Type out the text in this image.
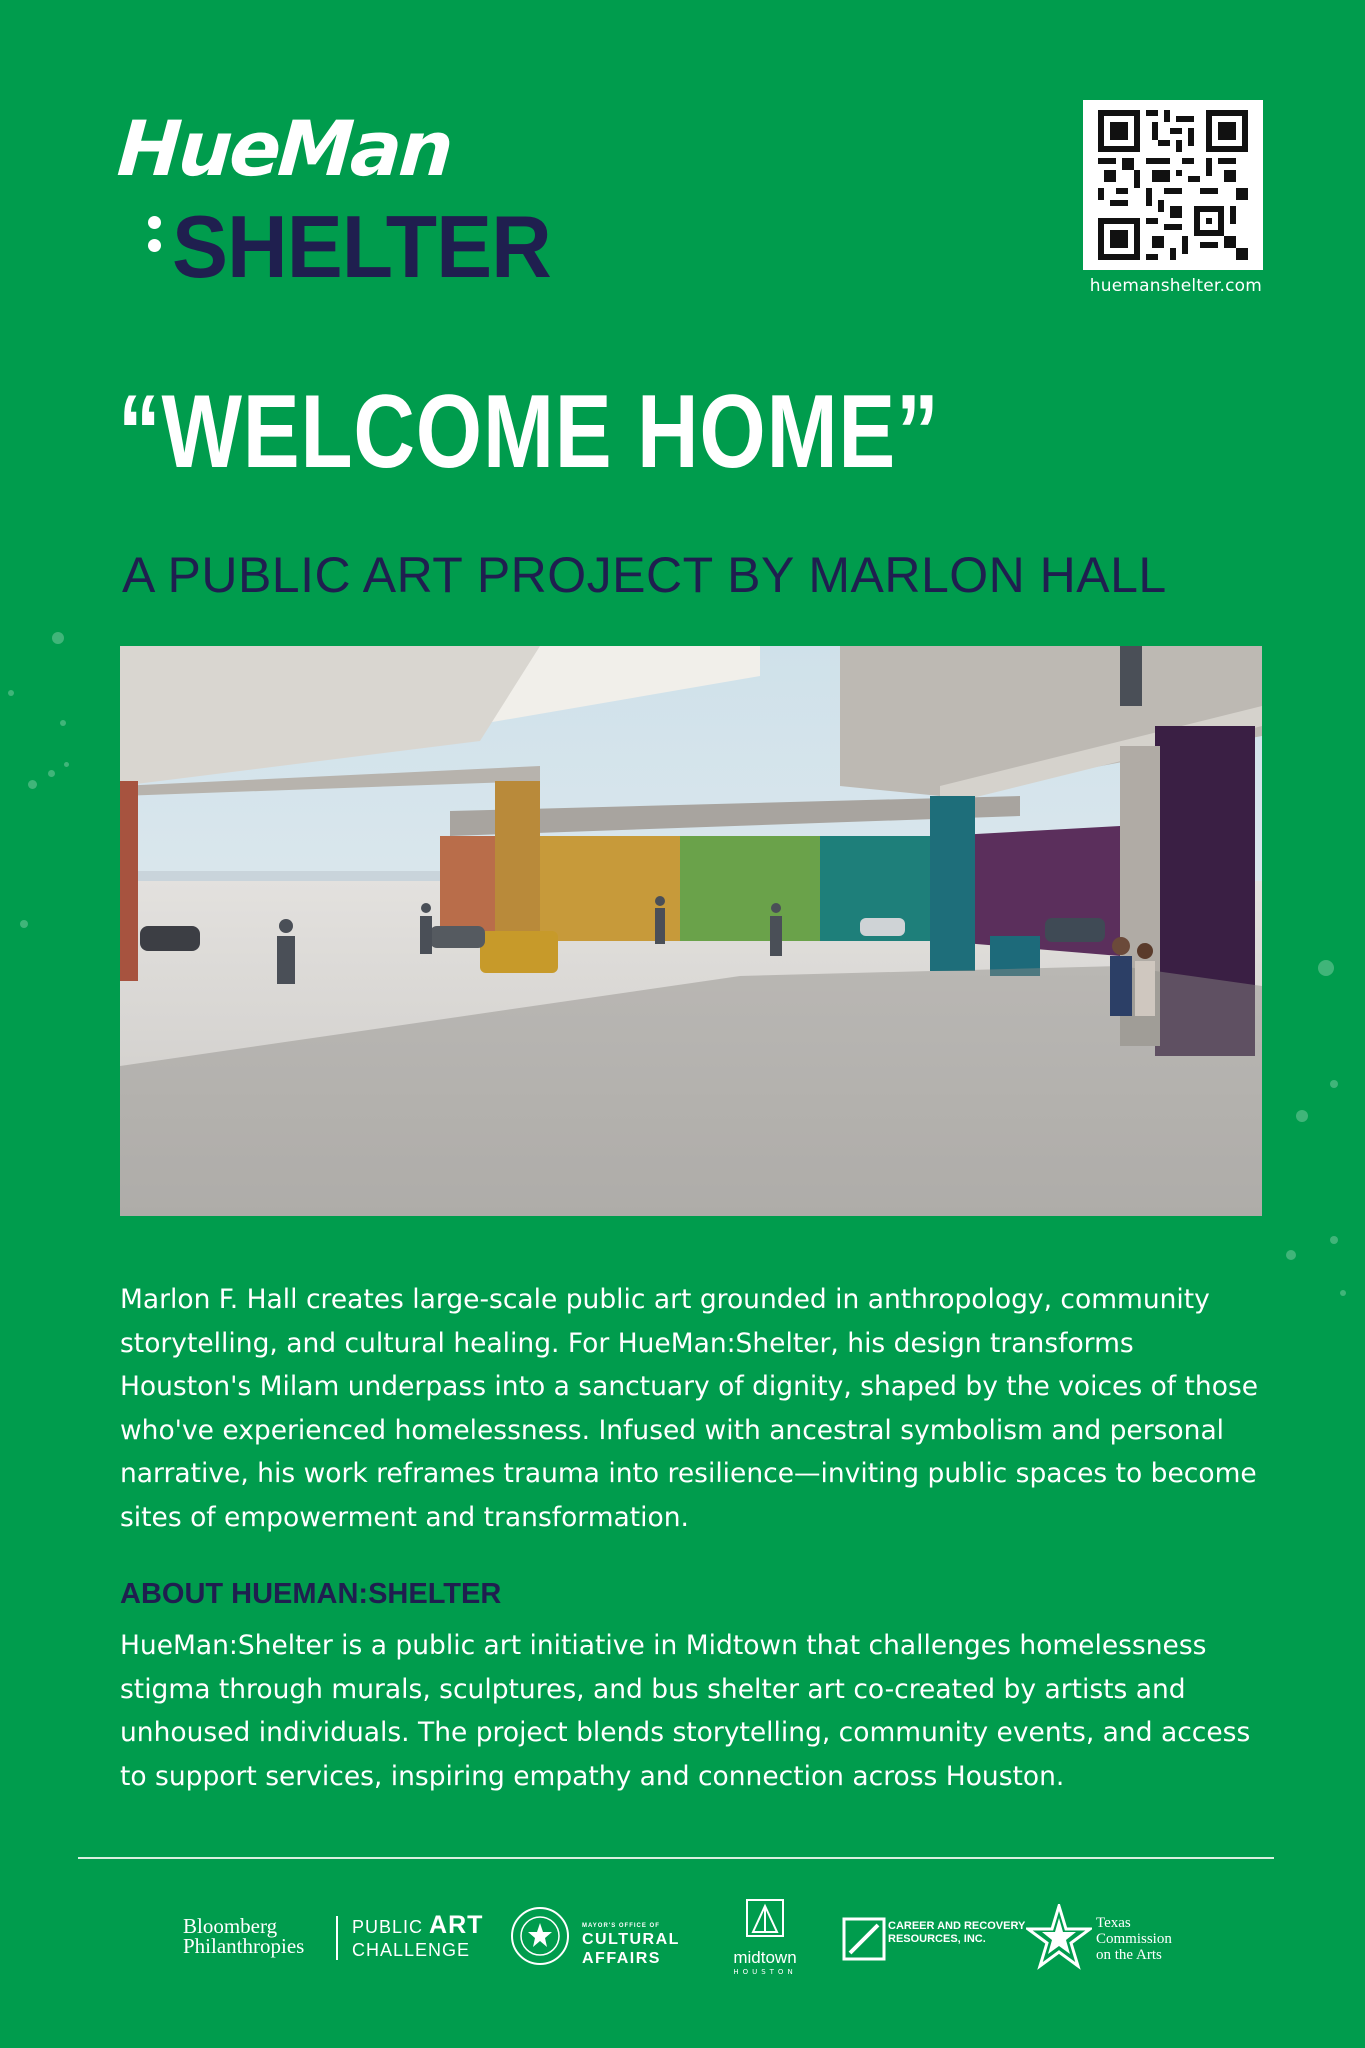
HueMan
SHELTER	huemanshelter.com
“WELCOME HOME”
A PUBLIC ART PROJECT BY MARLON HALL

Marlon F. Hall creates large-scale public art grounded in anthropology, community storytelling, and cultural healing. For HueMan:Shelter, his design transforms Houston's Milam underpass into a sanctuary of dignity, shaped by the voices of those who've experienced homelessness. Infused with ancestral symbolism and personal narrative, his work reframes trauma into resilience—inviting public spaces to become sites of empowerment and transformation.

ABOUT HUEMAN:SHELTER

HueMan:Shelter is a public art initiative in Midtown that challenges homelessness stigma through murals, sculptures, and bus shelter art co-created by artists and unhoused individuals. The project blends storytelling, community events, and access to support services, inspiring empathy and connection across Houston.

Bloomberg
Philanthropies
PUBLIC ART
CHALLENGE
MAYOR'S OFFICE OF
CULTURAL
AFFAIRS	midtown
HOUSTON
CAREER AND RECOVERY
RESOURCES, INC.
Texas
Commission
on the Arts
